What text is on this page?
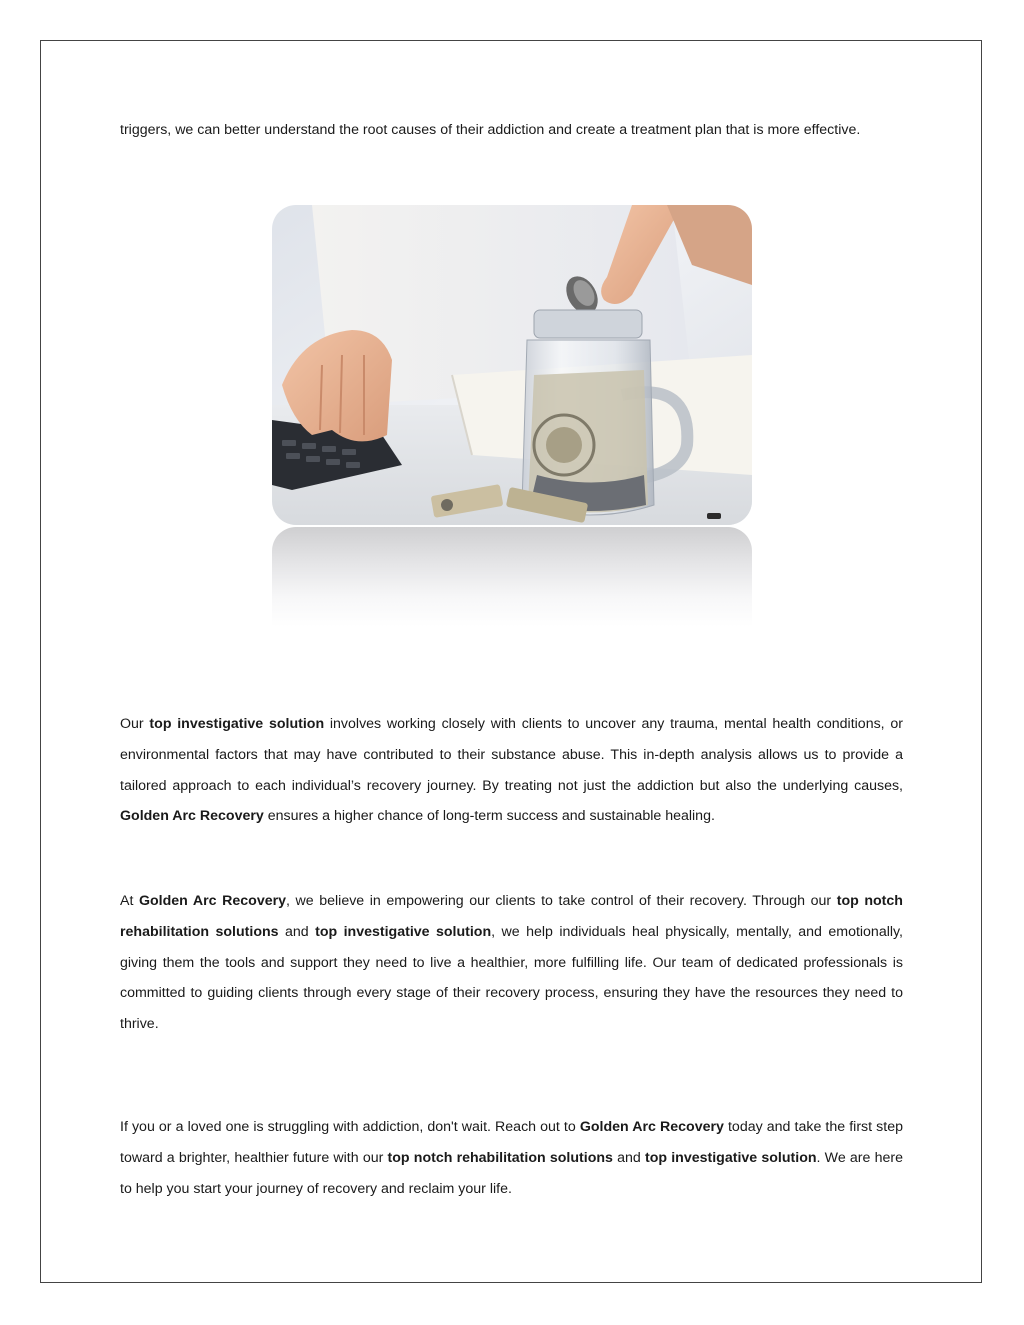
triggers, we can better understand the root causes of their addiction and create a treatment plan that is more effective.

Our top investigative solution involves working closely with clients to uncover any trauma, mental health conditions, or environmental factors that may have contributed to their substance abuse. This in-depth analysis allows us to provide a tailored approach to each individual’s recovery journey. By treating not just the addiction but also the underlying causes, Golden Arc Recovery ensures a higher chance of long-term success and sustainable healing.

At Golden Arc Recovery, we believe in empowering our clients to take control of their recovery. Through our top notch rehabilitation solutions and top investigative solution, we help individuals heal physically, mentally, and emotionally, giving them the tools and support they need to live a healthier, more fulfilling life. Our team of dedicated professionals is committed to guiding clients through every stage of their recovery process, ensuring they have the resources they need to thrive.

If you or a loved one is struggling with addiction, don't wait. Reach out to Golden Arc Recovery today and take the first step toward a brighter, healthier future with our top notch rehabilitation solutions and top investigative solution. We are here to help you start your journey of recovery and reclaim your life.
